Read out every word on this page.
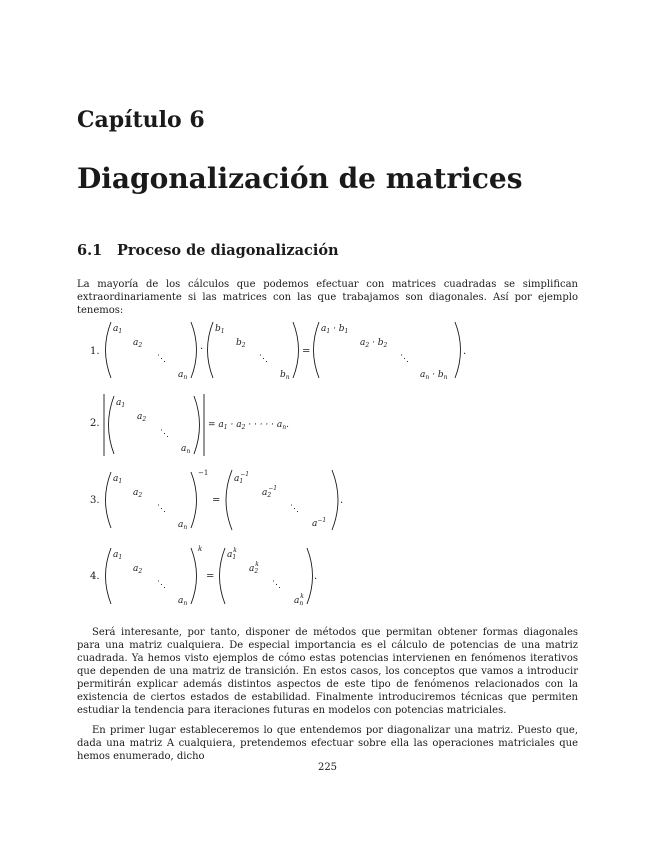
Capítulo 6
Diagonalización de matrices
6.1 Proceso de diagonalización
La mayoría de los cálculos que podemos efectuar con matrices cuadradas se simplifican extraordinariamente si las matrices con las que trabajamos son diagonales. Así por ejemplo tenemos:
1.
$a_1$
$a_2$
⋱
$a_n$
·
$b_1$
$b_2$
⋱
$b_n$
=
$a_1 \cdot b_1$
$a_2 \cdot b_2$
⋱
$a_n \cdot b_n$
.
2.
$a_1$
$a_2$
⋱
$a_n$
= $a_1 \cdot a_2$ · · · · · $a_n$.
3.
$a_1$
$a_2$
⋱
$a_n$
−1
=
$a_1-1$
$a_2-1$
⋱
$a^{-1}$
.
4.
$a_1$
$a_2$
⋱
$a_n$
k
=
$a_1k$
$a_2k$
⋱
$a_nk$
.
Será interesante, por tanto, disponer de métodos que permitan obtener formas diagonales para una matriz cualquiera. De especial importancia es el cálculo de potencias de una matriz cuadrada. Ya hemos visto ejemplos de cómo estas potencias intervienen en fenómenos iterativos que dependen de una matriz de transición. En estos casos, los conceptos que vamos a introducir permitirán explicar además distintos aspectos de este tipo de fenómenos relacionados con la existencia de ciertos estados de estabilidad. Finalmente introduciremos técnicas que permiten estudiar la tendencia para iteraciones futuras en modelos con potencias matriciales.
En primer lugar estableceremos lo que entendemos por diagonalizar una matriz. Puesto que, dada una matriz A cualquiera, pretendemos efectuar sobre ella las operaciones matriciales que hemos enumerado, dicho
225
